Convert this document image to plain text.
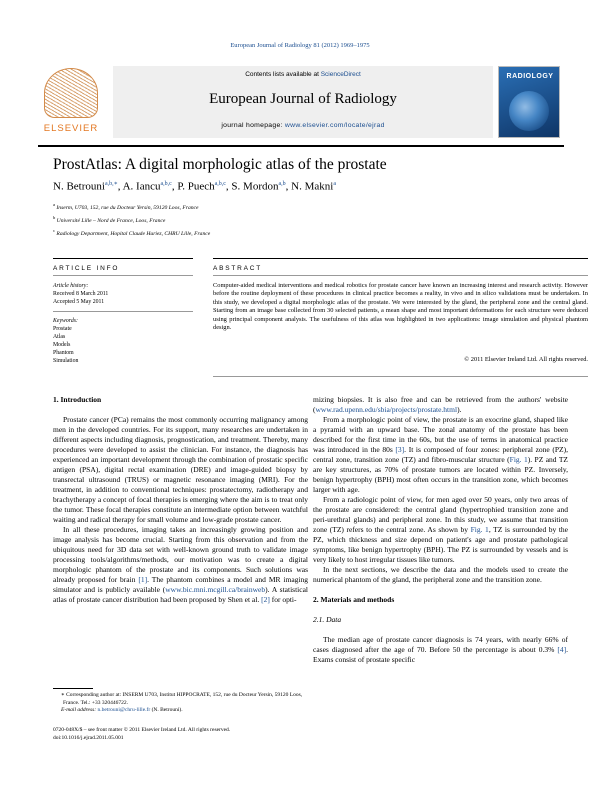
European Journal of Radiology 81 (2012) 1969–1975
ELSEVIER
Contents lists available at ScienceDirect
European Journal of Radiology
journal homepage: www.elsevier.com/locate/ejrad
RADIOLOGY
ProstAtlas: A digital morphologic atlas of the prostate
N. Betrouni$^{a,b,∗}$, A. Iancu$^{a,b,c}$, P. Puech$^{a,b,c}$, S. Mordon$^{a,b}$, N. Makni$^a$
$^a$ Inserm, U703, 152, rue du Docteur Yersin, 59120 Loos, France
$^b$ Université Lille – Nord de France, Loos, France
$^c$ Radiology Department, Hopital Claude Huriez, CHRU Lille, France
ARTICLE INFO	ABSTRACT
Article history:
Received 8 March 2011
Accepted 5 May 2011
Keywords:
Prostate
Atlas
Models
Phantom
Simulation
Computer-aided medical interventions and medical robotics for prostate cancer have known an increasing interest and research activity. However before the routine deployment of these procedures in clinical practice becomes a reality, in vivo and in silico validations must be undertaken. In this study, we developed a digital morphologic atlas of the prostate. We were interested by the gland, the peripheral zone and the central gland. Starting from an image base collected from 30 selected patients, a mean shape and most important deformations for each structure were deduced using principal component analysis. The usefulness of this atlas was highlighted in two applications: image simulation and physical phantom design.
© 2011 Elsevier Ireland Ltd. All rights reserved.
1. Introduction

Prostate cancer (PCa) remains the most commonly occurring malignancy among men in the developed countries. For its support, many researches are undertaken in different aspects including diagnosis, prognostication, and treatment. Thereby, many procedures were developed to assist the clinician. For instance, the diagnosis has experienced an important development through the combination of prostatic specific antigen (PSA), digital rectal examination (DRE) and image-guided biopsy by transrectal ultrasound (TRUS) or magnetic resonance imaging (MRI). For the treatment, in addition to conventional techniques: prostatectomy, radiotherapy and brachytherapy a concept of focal therapies is emerging where the aim is to treat only the tumor. These focal therapies constitute an intermediate option between watchful waiting and radical therapy for small volume and low-grade prostate cancer.

In all these procedures, imaging takes an increasingly growing position and image analysis has become crucial. Starting from this observation and from the ubiquitous need for 3D data set with well-known ground truth to validate image processing tools/algorithms/methods, our motivation was to create a digital morphologic phantom of the prostate and its components. Such solutions was already proposed for brain [1]. The phantom combines a model and MR imaging simulator and is publicly available (www.bic.mni.mcgill.ca/brainweb). A statistical atlas of prostate cancer distribution had been proposed by Shen et al. [2] for opti-

mizing biopsies. It is also free and can be retrieved from the authors' website (www.rad.upenn.edu/sbia/projects/prostate.html).

From a morphologic point of view, the prostate is an exocrine gland, shaped like a pyramid with an upward base. The zonal anatomy of the prostate has been described for the first time in the 60s, but the use of terms in anatomical practice was introduced in the 80s [3]. It is composed of four zones: peripheral zone (PZ), central zone, transition zone (TZ) and fibro-muscular structure (Fig. 1). PZ and TZ are key structures, as 70% of prostate tumors are located within PZ. Inversely, benign hypertrophy (BPH) most often occurs in the transition zone, which becomes larger with age.

From a radiologic point of view, for men aged over 50 years, only two areas of the prostate are considered: the central gland (hypertrophied transition zone and peri-urethral glands) and peripheral zone. In this study, we assume that transition zone (TZ) refers to the central zone. As shown by Fig. 1, TZ is surrounded by the PZ, which thickness and size depend on patient's age and prostate pathological symptoms, like benign hypertrophy (BPH). The PZ is surrounded by vessels and is very likely to host irregular tissues like tumors.

In the next sections, we describe the data and the models used to create the numerical phantom of the gland, the peripheral zone and the transition zone.

2. Materials and methods
2.1. Data

The median age of prostate cancer diagnosis is 74 years, with nearly 66% of cases diagnosed after the age of 70. Before 50 the percentage is about 0.3% [4]. Exams consist of prostate specific

∗ Corresponding author at: INSERM U703, Institut HIPPOCRATE, 152, rue du Docteur Yersin, 59120 Loos, France. Tel.: +33 320446722.
E-mail address: n.betrouni@chru-lille.fr (N. Betrouni).
0720-048X/$ – see front matter © 2011 Elsevier Ireland Ltd. All rights reserved.
doi:10.1016/j.ejrad.2011.05.001
